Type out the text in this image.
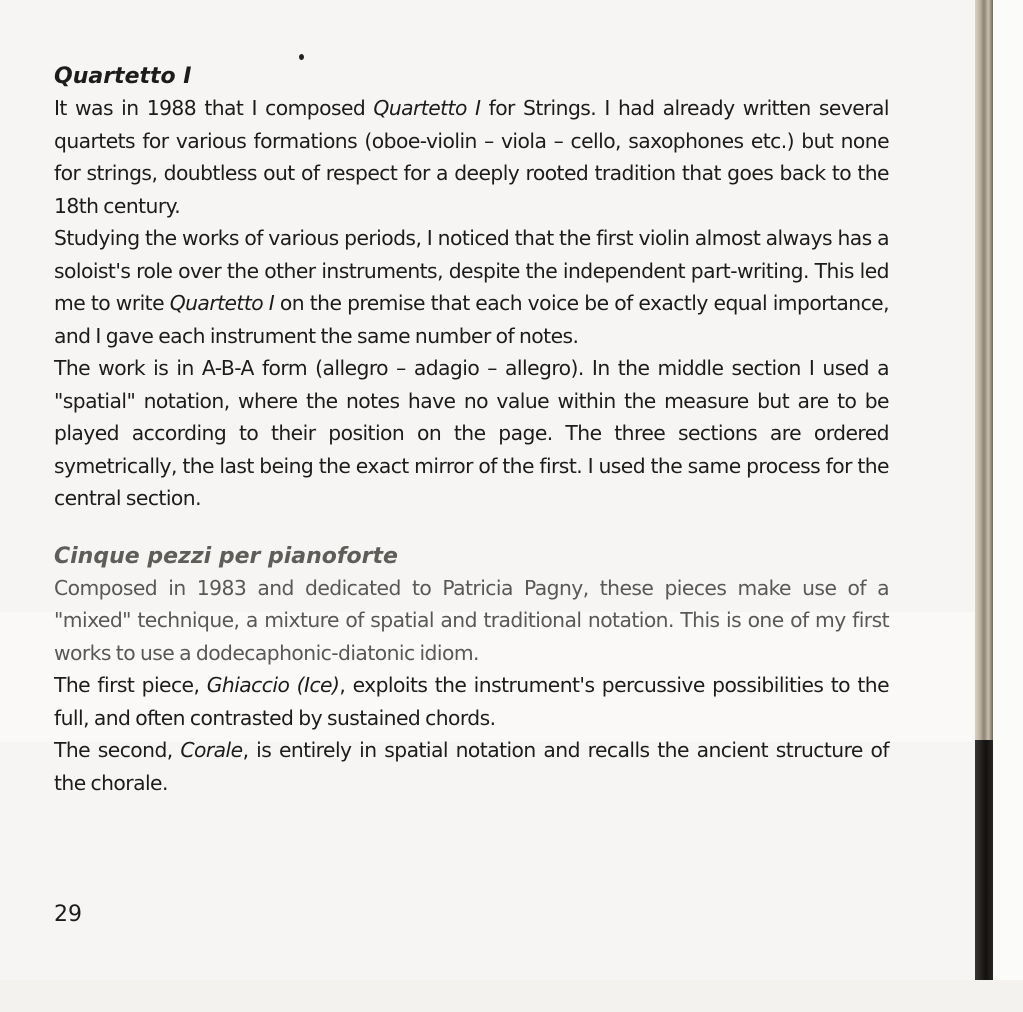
Quartetto I

It was in 1988 that I composed Quartetto I for Strings. I had already written several quartets for various formations (oboe-violin – viola – cello, saxophones etc.) but none for strings, doubtless out of respect for a deeply rooted tradition that goes back to the 18th century.

Studying the works of various periods, I noticed that the first violin almost always has a soloist's role over the other instruments, despite the independent part-writing. This led me to write Quartetto I on the premise that each voice be of exactly equal importance, and I gave each instrument the same number of notes.

The work is in A-B-A form (allegro – adagio – allegro). In the middle section I used a "spatial" notation, where the notes have no value within the measure but are to be played according to their position on the page. The three sections are ordered symetrically, the last being the exact mirror of the first. I used the same process for the central section.

Cinque pezzi per pianoforte

Composed in 1983 and dedicated to Patricia Pagny, these pieces make use of a "mixed" technique, a mixture of spatial and traditional notation. This is one of my first works to use a dodecaphonic-diatonic idiom.

The first piece, Ghiaccio (Ice), exploits the instrument's percussive possibilities to the full, and often contrasted by sustained chords.

The second, Corale, is entirely in spatial notation and recalls the ancient structure of the chorale.

29
